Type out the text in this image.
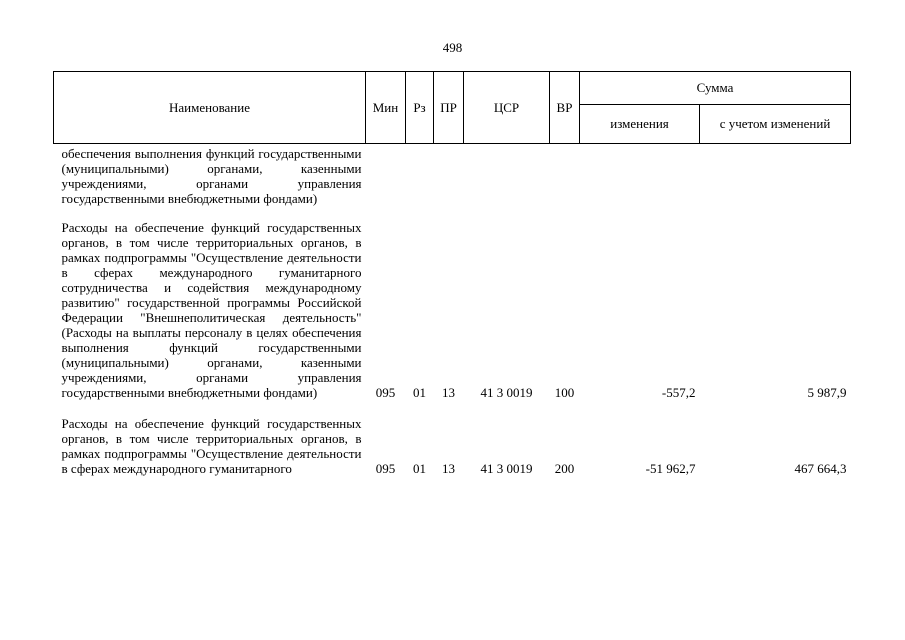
498
Наименование	Мин	Рз	ПР	ЦСР	ВР	Сумма	
						изменения	с учетом изменений
обеспечения выполнения функций государственными (муниципальными) органами, казенными учреждениями, органами управления государственными внебюджетными фондами)							
Расходы на обеспечение функций государственных органов, в том числе территориальных органов, в рамках подпрограммы "Осуществление деятельности в сферах международного гуманитарного сотрудничества и содействия международному развитию" государственной программы Российской Федерации "Внешнеполитическая деятельность" (Расходы на выплаты персоналу в целях обеспечения выполнения функций государственными (муниципальными) органами, казенными учреждениями, органами управления государственными внебюджетными фондами)	095	01	13	41 3 0019	100	-557,2	5 987,9
Расходы на обеспечение функций государственных органов, в том числе территориальных органов, в рамках подпрограммы "Осуществление деятельности в сферах международного гуманитарного	095	01	13	41 3 0019	200	-51 962,7	467 664,3
